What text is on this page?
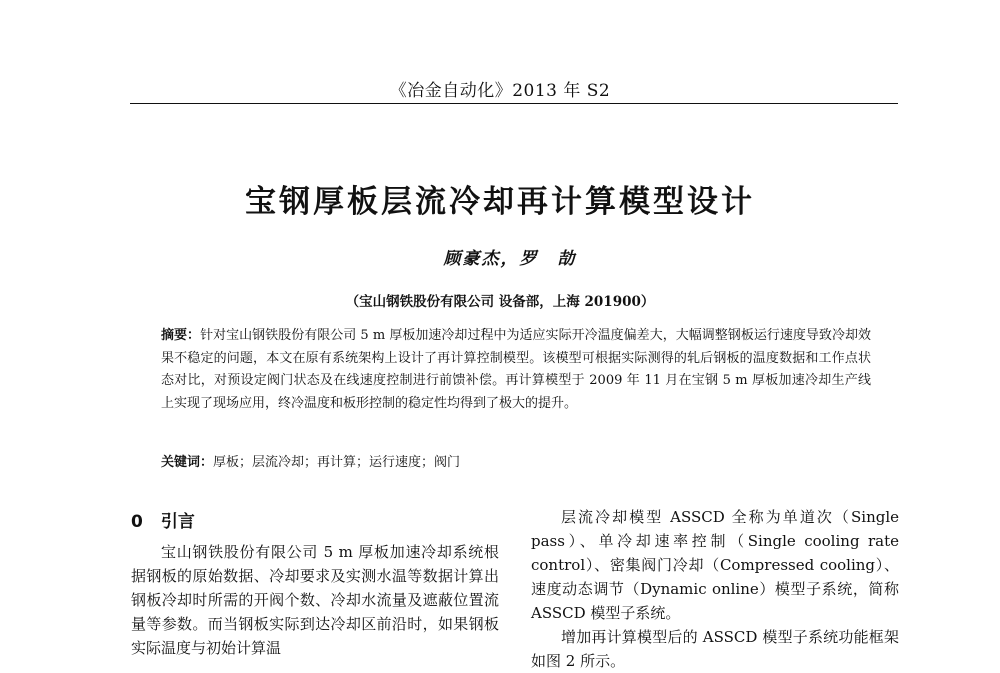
《冶金自动化》2013 年 S2
宝钢厚板层流冷却再计算模型设计
顾豪杰，罗　劼
（宝山钢铁股份有限公司 设备部，上海 201900）
摘要：针对宝山钢铁股份有限公司 5 m 厚板加速冷却过程中为适应实际开冷温度偏差大，大幅调整钢板运行速度导致冷却效果不稳定的问题，本文在原有系统架构上设计了再计算控制模型。该模型可根据实际测得的轧后钢板的温度数据和工作点状态对比，对预设定阀门状态及在线速度控制进行前馈补偿。再计算模型于 2009 年 11 月在宝钢 5 m 厚板加速冷却生产线上实现了现场应用，终冷温度和板形控制的稳定性均得到了极大的提升。
关键词：厚板；层流冷却；再计算；运行速度；阀门
0 引言

宝山钢铁股份有限公司 5 m 厚板加速冷却系统根据钢板的原始数据、冷却要求及实测水温等数据计算出钢板冷却时所需的开阀个数、冷却水流量及遮蔽位置流量等参数。而当钢板实际到达冷却区前沿时，如果钢板实际温度与初始计算温

层流冷却模型 ASSCD 全称为单道次（Single pass）、单冷却速率控制（Single cooling rate control）、密集阀门冷却（Compressed cooling）、速度动态调节（Dynamic online）模型子系统，简称 ASSCD 模型子系统。

增加再计算模型后的 ASSCD 模型子系统功能框架如图 2 所示。
